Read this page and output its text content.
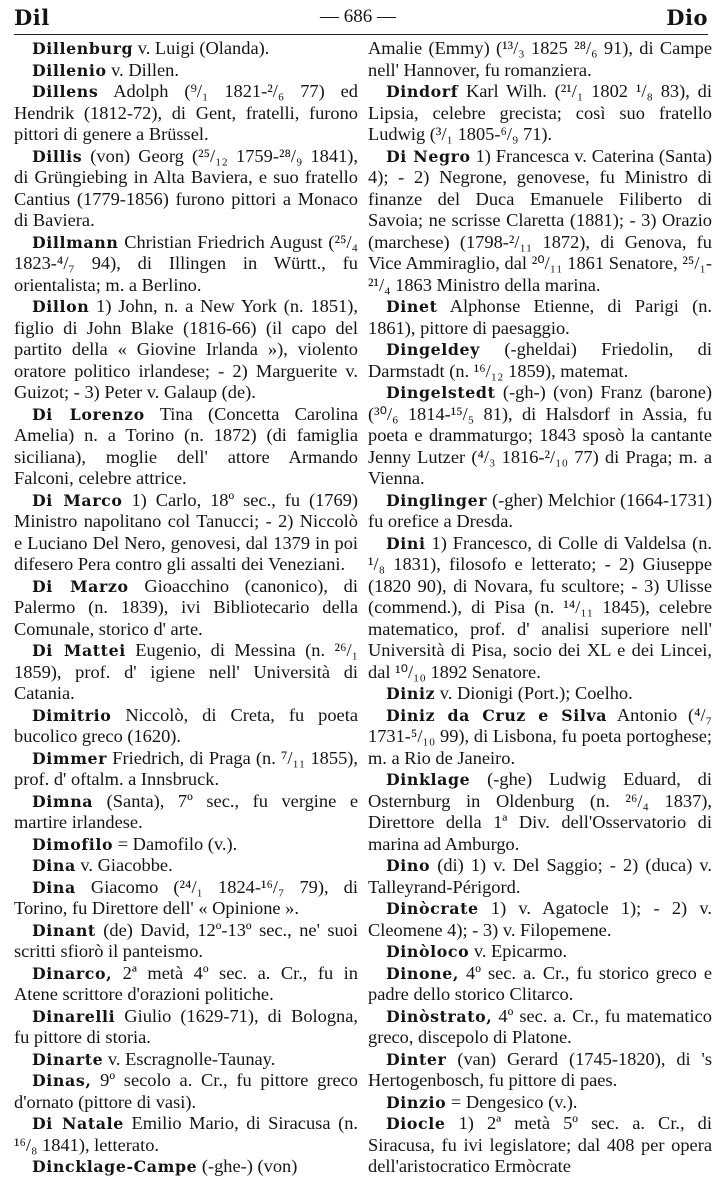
Dil	— 686 —	Dio

Dillenburg v. Luigi (Olanda).

Dillenio v. Dillen.

Dillens Adolph (⁹/₁ 1821-²/₆ 77) ed Hendrik (1812-72), di Gent, fratelli, furono pittori di genere a Brüssel.

Dillis (von) Georg (²⁵/₁₂ 1759-²⁸/₉ 1841), di Grüngiebing in Alta Baviera, e suo fratello Cantius (1779-1856) furono pittori a Monaco di Baviera.

Dillmann Christian Friedrich August (²⁵/₄ 1823-⁴/₇ 94), di Illingen in Württ., fu orientalista; m. a Berlino.

Dillon 1) John, n. a New York (n. 1851), figlio di John Blake (1816-66) (il capo del partito della « Giovine Irlanda »), violento oratore politico irlandese; - 2) Marguerite v. Guizot; - 3) Peter v. Galaup (de).

Di Lorenzo Tina (Concetta Carolina Amelia) n. a Torino (n. 1872) (di famiglia siciliana), moglie dell' attore Armando Falconi, celebre attrice.

Di Marco 1) Carlo, 18º sec., fu (1769) Ministro napolitano col Tanucci; - 2) Niccolò e Luciano Del Nero, genovesi, dal 1379 in poi difesero Pera contro gli assalti dei Veneziani.

Di Marzo Gioacchino (canonico), di Palermo (n. 1839), ivi Bibliotecario della Comunale, storico d' arte.

Di Mattei Eugenio, di Messina (n. ²⁶/₁ 1859), prof. d' igiene nell' Università di Catania.

Dimitrio Niccolò, di Creta, fu poeta bucolico greco (1620).

Dimmer Friedrich, di Praga (n. ⁷/₁₁ 1855), prof. d' oftalm. a Innsbruck.

Dimna (Santa), 7º sec., fu vergine e martire irlandese.

Dimofilo = Damofilo (v.).

Dina v. Giacobbe.

Dina Giacomo (²⁴/₁ 1824-¹⁶/₇ 79), di Torino, fu Direttore dell' « Opinione ».

Dinant (de) David, 12º-13º sec., ne' suoi scritti sfiorò il panteismo.

Dinarco, 2ª metà 4º sec. a. Cr., fu in Atene scrittore d'orazioni politiche.

Dinarelli Giulio (1629-71), di Bologna, fu pittore di storia.

Dinarte v. Escragnolle-Taunay.

Dinas, 9º secolo a. Cr., fu pittore greco d'ornato (pittore di vasi).

Di Natale Emilio Mario, di Siracusa (n. ¹⁶/₈ 1841), letterato.

Dincklage-Campe (-ghe-) (von)

Amalie (Emmy) (¹³/₃ 1825 ²⁸/₆ 91), di Campe nell' Hannover, fu romanziera.

Dindorf Karl Wilh. (²¹/₁ 1802 ¹/₈ 83), di Lipsia, celebre grecista; così suo fratello Ludwig (³/₁ 1805-⁶/₉ 71).

Di Negro 1) Francesca v. Caterina (Santa) 4); - 2) Negrone, genovese, fu Ministro di finanze del Duca Emanuele Filiberto di Savoia; ne scrisse Claretta (1881); - 3) Orazio (marchese) (1798-²/₁₁ 1872), di Genova, fu Vice Ammiraglio, dal ²⁰/₁₁ 1861 Senatore, ²⁵/₁-²¹/₄ 1863 Ministro della marina.

Dinet Alphonse Etienne, di Parigi (n. 1861), pittore di paesaggio.

Dingeldey (-gheldai) Friedolin, di Darmstadt (n. ¹⁶/₁₂ 1859), matemat.

Dingelstedt (-gh-) (von) Franz (barone) (³⁰/₆ 1814-¹⁵/₅ 81), di Halsdorf in Assia, fu poeta e drammaturgo; 1843 sposò la cantante Jenny Lutzer (⁴/₃ 1816-²/₁₀ 77) di Praga; m. a Vienna.

Dinglinger (-gher) Melchior (1664-1731) fu orefice a Dresda.

Dini 1) Francesco, di Colle di Valdelsa (n. ¹/₈ 1831), filosofo e letterato; - 2) Giuseppe (1820 90), di Novara, fu scultore; - 3) Ulisse (commend.), di Pisa (n. ¹⁴/₁₁ 1845), celebre matematico, prof. d' analisi superiore nell' Università di Pisa, socio dei XL e dei Lincei, dal ¹⁰/₁₀ 1892 Senatore.

Diniz v. Dionigi (Port.); Coelho.

Diniz da Cruz e Silva Antonio (⁴/₇ 1731-⁵/₁₀ 99), di Lisbona, fu poeta portoghese; m. a Rio de Janeiro.

Dinklage (-ghe) Ludwig Eduard, di Osternburg in Oldenburg (n. ²⁶/₄ 1837), Direttore della 1ª Div. dell'Osservatorio di marina ad Amburgo.

Dino (di) 1) v. Del Saggio; - 2) (duca) v. Talleyrand-Périgord.

Dinòcrate 1) v. Agatocle 1); - 2) v. Cleomene 4); - 3) v. Filopemene.

Dinòloco v. Epicarmo.

Dinone, 4º sec. a. Cr., fu storico greco e padre dello storico Clitarco.

Dinòstrato, 4º sec. a. Cr., fu matematico greco, discepolo di Platone.

Dinter (van) Gerard (1745-1820), di 's Hertogenbosch, fu pittore di paes.

Dinzio = Dengesico (v.).

Diocle 1) 2ª metà 5º sec. a. Cr., di Siracusa, fu ivi legislatore; dal 408 per opera dell'aristocratico Ermòcrate
